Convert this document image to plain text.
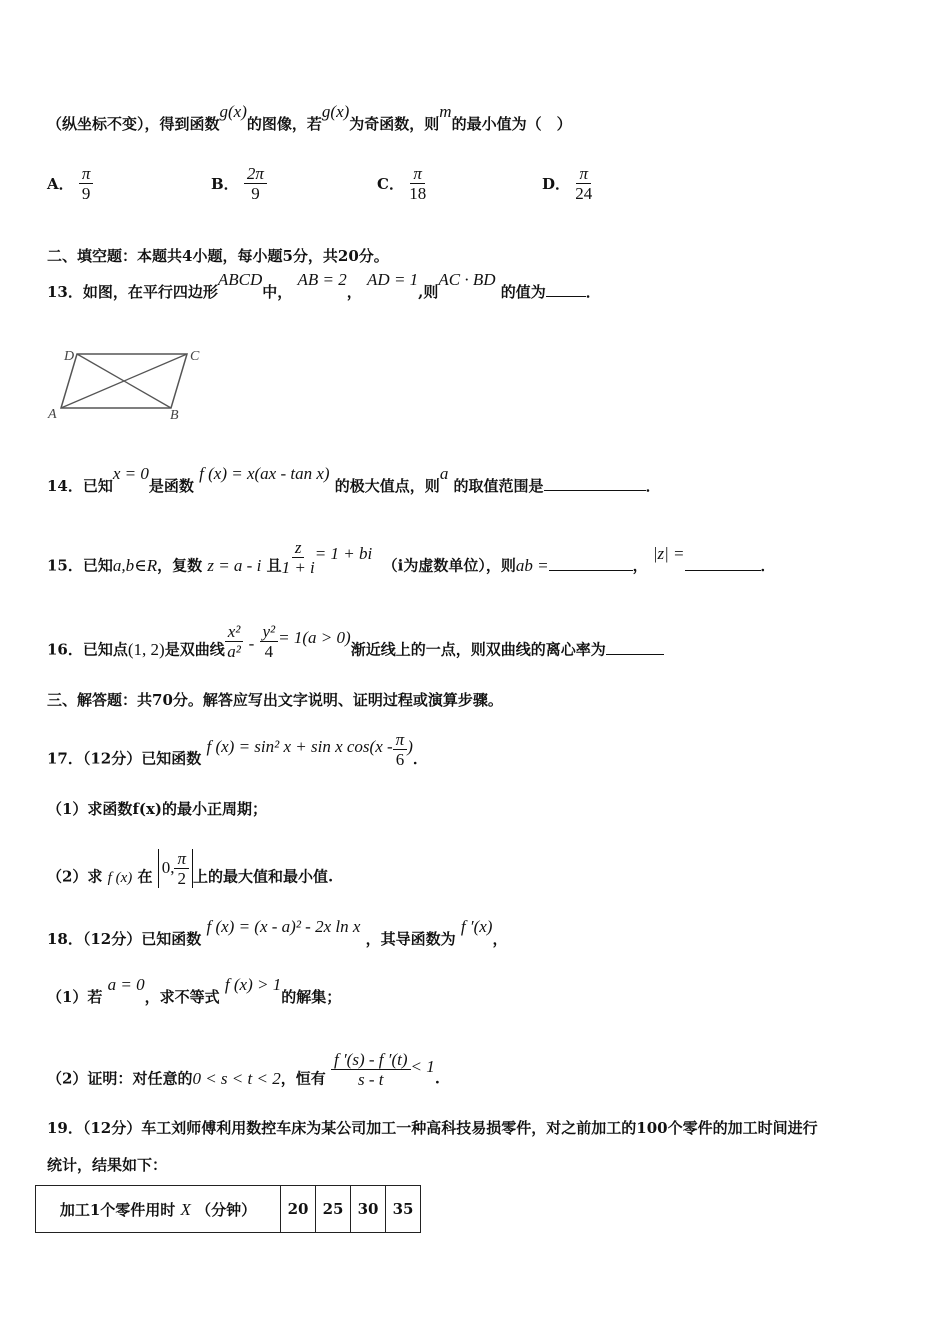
（纵坐标不变），得到函数g(x)的图像，若g(x)为奇函数，则m的最小值为（　）
A． $\frac{\pi}{9}$	B． $\frac{2\pi}{9}$	C． $\frac{\pi}{18}$	D． $\frac{\pi}{24}$
二、填空题：本题共4小题，每小题5分，共20分。
13．如图，在平行四边形ABCD中， AB = 2， AD = 1,则AC · BD 的值为	．
D	C
A	B
14．已知x = 0是函数 f (x) = x(ax - tan x) 的极大值点，则a 的取值范围是	．
15．已知a,b∈R，复数 z = a - i 且 $\frac{z}{1 + i} = 1$ + bi  （i为虚数单位），则ab =	， |z| =．
16．已知点(1, 2)是双曲线 $\frac{\text{x²}}{\text{a²}} - \frac{\text{y²}}{4} = 1(a > 0)$渐近线上的一点，则双曲线的离心率为
三、解答题：共70分。解答应写出文字说明、证明过程或演算步骤。
17．（12分）已知函数 f (x) = sin² x + sin x $\cos(x - \frac{\pi}{6}$ )．
（1）求函数f(x)的最小正周期；
（2）求 f (x) 在 0, $\frac{\pi}{2}$ 上的最大值和最小值.
18．（12分）已知函数 f (x) = (x - a)² - 2x ln x ，其导函数为 f ′(x)，
（1）若 a = 0，求不等式 f (x) > 1的解集；
（2）证明：对任意的0 < s < t < 2，恒有 $\frac{f '(s) - f '(t)}{s - t} < 1$.
19．（12分）车工刘师傅利用数控车床为某公司加工一种高科技易损零件，对之前加工的100个零件的加工时间进行
统计，结果如下：
加工1个零件用时 X （分钟）	20	25	30	35
